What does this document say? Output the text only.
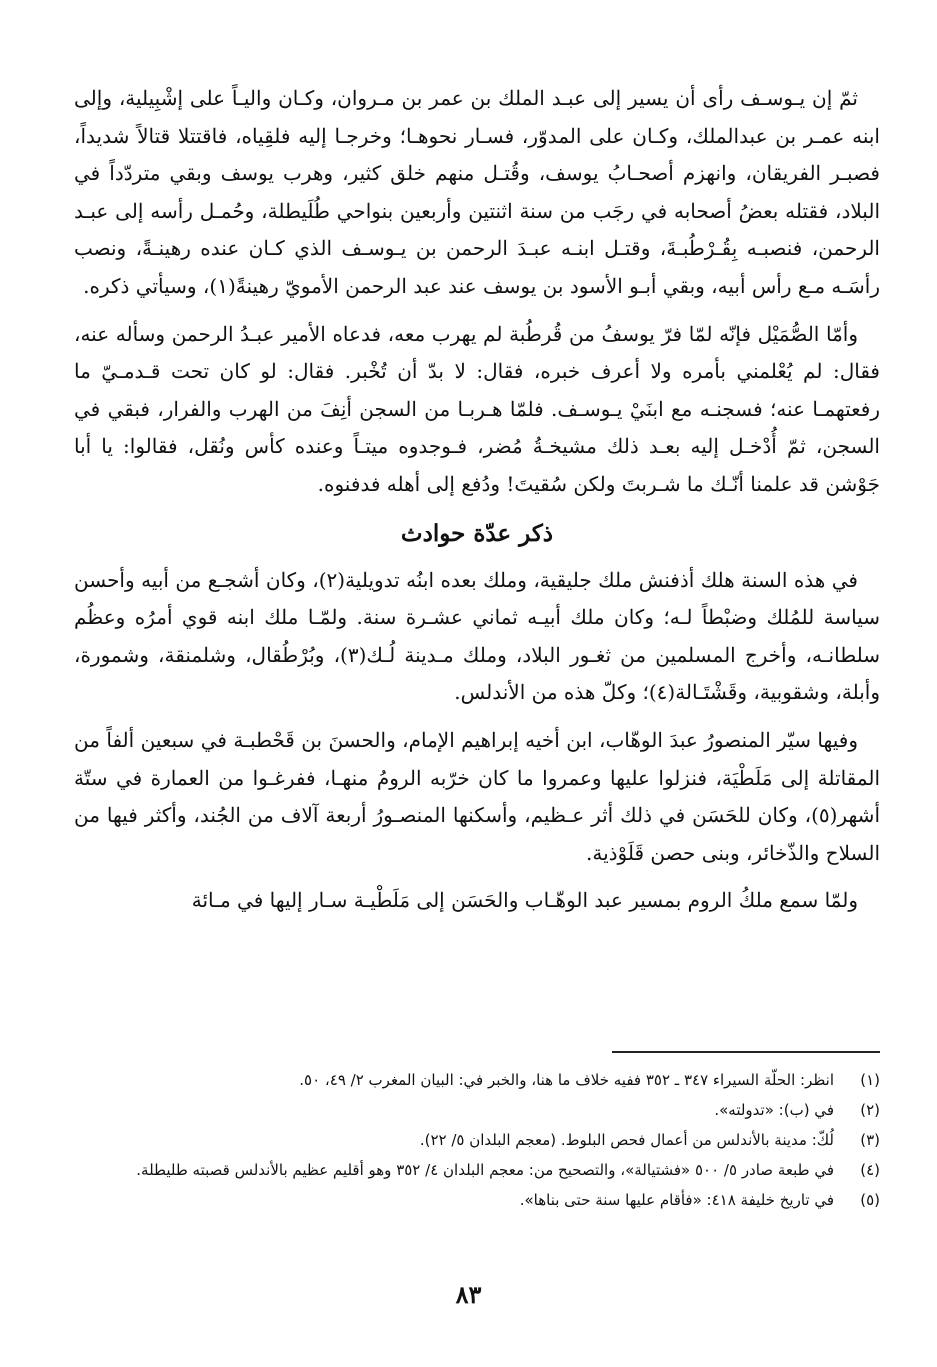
ثمّ إن يـوسـف رأى أن يسير إلى عبـد الملك بن عمر بن مـروان، وكـان واليـاً على إشْبِيلية، وإلى ابنه عمـر بن عبدالملك، وكـان على المدوّر، فسـار نحوهـا؛ وخرجـا إليه فلقِياه، فاقتتلا قتالاً شديداً، فصبـر الفريقان، وانهزم أصحـابُ يوسف، وقُتـل منهم خلق كثير، وهرب يوسف وبقي متردّداً في البلاد، فقتله بعضُ أصحابه في رجَب من سنة اثنتين وأربعين بنواحي طُلَيطلة، وحُمـل رأسه إلى عبـد الرحمن، فنصبـه بِقُـرْطُبـةَ، وقتـل ابنـه عبـدَ الرحمن بن يـوسـف الذي كـان عنده رهينـةً، ونصب رأسَـه مـع رأس أبيه، وبقي أبـو الأسود بن يوسف عند عبد الرحمن الأمويّ رهينةً(١)، وسيأتي ذكره.

وأمّا الصُّمَيْل فإنّه لمّا فرّ يوسفُ من قُرطُبة لم يهرب معه، فدعاه الأمير عبـدُ الرحمن وسأله عنه، فقال: لم يُعْلمني بأمره ولا أعرف خبره، فقال: لا بدّ أن تُخْبر. فقال: لو كان تحت قـدمـيّ ما رفعتهمـا عنه؛ فسجنـه مع ابنَيْ يـوسـف. فلمّا هـربـا من السجن أنِفَ من الهرب والفرار، فبقي في السجن، ثمّ أُدْخـل إليه بعـد ذلك مشيخـةُ مُضر، فـوجدوه ميتـاً وعنده كأس ونُقل، فقالوا: يا أبا جَوْشن قد علمنا أنّـك ما شـربتَ ولكن سُقيتَ! ودُفع إلى أهله فدفنوه.

ذكر عدّة حوادث

في هذه السنة هلك أذفنش ملك جليقية، وملك بعده ابنُه تدويلية(٢)، وكان أشجـع من أبيه وأحسن سياسة للمُلك وضبْطاً لـه؛ وكان ملك أبيـه ثماني عشـرة سنة. ولمّـا ملك ابنه قوي أمرُه وعظُم سلطانـه، وأخرج المسلمين من ثغـور البلاد، وملك مـدينة لُـك(٣)، وبُرْطُقال، وشلمنقة، وشمورة، وأبلة، وشقوبية، وقَشْتَـالة(٤)؛ وكلّ هذه من الأندلس.

وفيها سيّر المنصورُ عبدَ الوهّاب، ابن أخيه إبراهيم الإمام، والحسنَ بن قَحْطبـة في سبعين ألفاً من المقاتلة إلى مَلَطْيَة، فنزلوا عليها وعمروا ما كان خرّبه الرومُ منهـا، ففرغـوا من العمارة في ستّة أشهر(٥)، وكان للحَسَن في ذلك أثر عـظيم، وأسكنها المنصـورُ أربعة آلاف من الجُند، وأكثر فيها من السلاح والذّخائر، وبنى حصن قَلَوْذية.

ولمّا سمع ملكُ الروم بمسير عبد الوهّـاب والحَسَن إلى مَلَطْيـة سـار إليها في مـائة

(١)
انظر: الحلّة السيراء ٣٤٧ ـ ٣٥٢ ففيه خلاف ما هنا، والخبر في: البيان المغرب ٢/ ٤٩، ٥٠.
(٢)
في (ب): «تدولته».
(٣)
لُكّ: مدينة بالأندلس من أعمال فحص البلوط. (معجم البلدان ٥/ ٢٢).
(٤)
في طبعة صادر ٥/ ٥٠٠ «فشتيالة»، والتصحيح من: معجم البلدان ٤/ ٣٥٢ وهو أقليم عظيم بالأندلس قصبته طليطلة.
(٥)
في تاريخ خليفة ٤١٨: «فأقام عليها سنة حتى بناها».
٨٣
